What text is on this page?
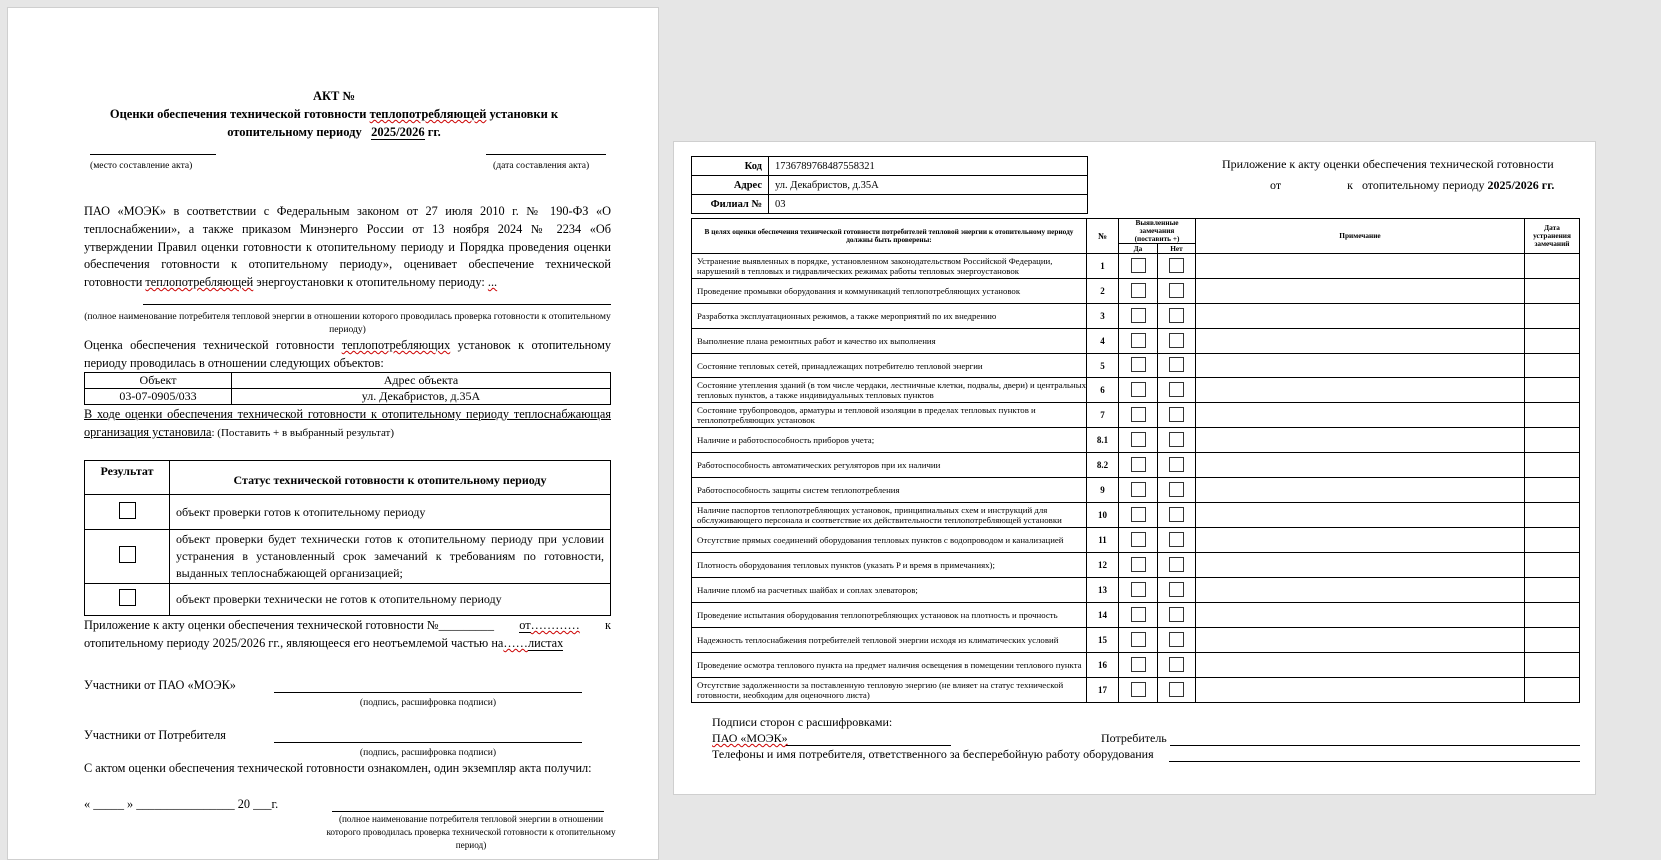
АКТ №
Оценки обеспечения технической готовности теплопотребляющей установки к
отопительному периоду   2025/2026 гг.
(место составление акта)	(дата составления акта)
ПАО «МОЭК» в соответствии с Федеральным законом от 27 июля 2010 г. № 190-ФЗ «О теплоснабжении», а также приказом Минэнерго России от 13 ноября 2024 № 2234 «Об утверждении Правил оценки готовности к отопительному периоду и Порядка проведения оценки обеспечения готовности к отопительному периоду», оценивает обеспечение технической готовности теплопотребляющей энергоустановки к отопительному периоду: ...
(полное наименование потребителя тепловой энергии в отношении которого проводилась проверка готовности к отопительному периоду)
Оценка обеспечения технической готовности теплопотребляющих установок к отопительному периоду проводилась в отношении следующих объектов:
Объект	Адрес объекта
03-07-0905/033	ул. Декабристов, д.35А
В ходе оценки обеспечения технической готовности к отопительному периоду теплоснабжающая организация установила: (Поставить + в выбранный результат)
Результат	Статус технической готовности к отопительному периоду
	объект проверки готов к отопительному периоду
	объект проверки будет технически готов к отопительному периоду при условии устранения в установленный срок замечаний к требованиям по готовности, выданных теплоснабжающей организацией;
	объект проверки технически не готов к отопительному периоду
Приложение к акту оценки обеспечения технической готовности №_________ от………… к
отопительному периоду 2025/2026 гг., являющееся его неотъемлемой частью на……листах
Участники от ПАО «МОЭК»
(подпись, расшифровка подписи)
Участники от Потребителя
(подпись, расшифровка подписи)
С актом оценки обеспечения технической готовности ознакомлен, один экземпляр акта получил:
« _____ » ________________ 20 ___г.
(полное наименование потребителя тепловой энергии в отношении которого проводилась проверка технической готовности к отопительному период)
Код	1736789768487558321
Адрес	ул. Декабристов, д.35А
Филиал №	03
Приложение к акту оценки обеспечения технической готовности
от	к отопительному периоду 2025/2026 гг.
В целях оценки обеспечения технической готовности потребителей тепловой энергии к отопительному периоду должны быть проверены:	№	Выявленные замечания (поставить +)		Примечание	Дата устранения замечаний
		Да	Нет		
Устранение выявленных в порядке, установленном законодательством Российской Федерации, нарушений в тепловых и гидравлических режимах работы тепловых энергоустановок	1				
Проведение промывки оборудования и коммуникаций теплопотребляющих установок	2				
Разработка эксплуатационных режимов, а также мероприятий по их внедрению	3				
Выполнение плана ремонтных работ и качество их выполнения	4				
Состояние тепловых сетей, принадлежащих потребителю тепловой энергии	5				
Состояние утепления зданий (в том числе чердаки, лестничные клетки, подвалы, двери) и центральных тепловых пунктов, а также индивидуальных тепловых пунктов	6				
Состояние трубопроводов, арматуры и тепловой изоляции в пределах тепловых пунктов и теплопотребляющих установок	7				
Наличие и работоспособность приборов учета;	8.1				
Работоспособность автоматических регуляторов при их наличии	8.2				
Работоспособность защиты систем теплопотребления	9				
Наличие паспортов теплопотребляющих установок, принципиальных схем и инструкций для обслуживающего персонала и соответствие их действительности теплопотребляющей установки	10				
Отсутствие прямых соединений оборудования тепловых пунктов с водопроводом и канализацией	11				
Плотность оборудования тепловых пунктов (указать P и время в примечаниях);	12				
Наличие пломб на расчетных шайбах и соплах элеваторов;	13				
Проведение испытания оборудования теплопотребляющих установок на плотность и прочность	14				
Надежность теплоснабжения потребителей тепловой энергии исходя из климатических условий	15				
Проведение осмотра теплового пункта на предмет наличия освещения в помещении теплового пункта	16				
Отсутствие задолженности за поставленную тепловую энергию (не влияет на статус технической готовности, необходим для оценочного листа)	17				
Подписи сторон с расшифровками:
ПАО «МОЭК»	Потребитель
Телефоны и имя потребителя, ответственного за бесперебойную работу оборудования
